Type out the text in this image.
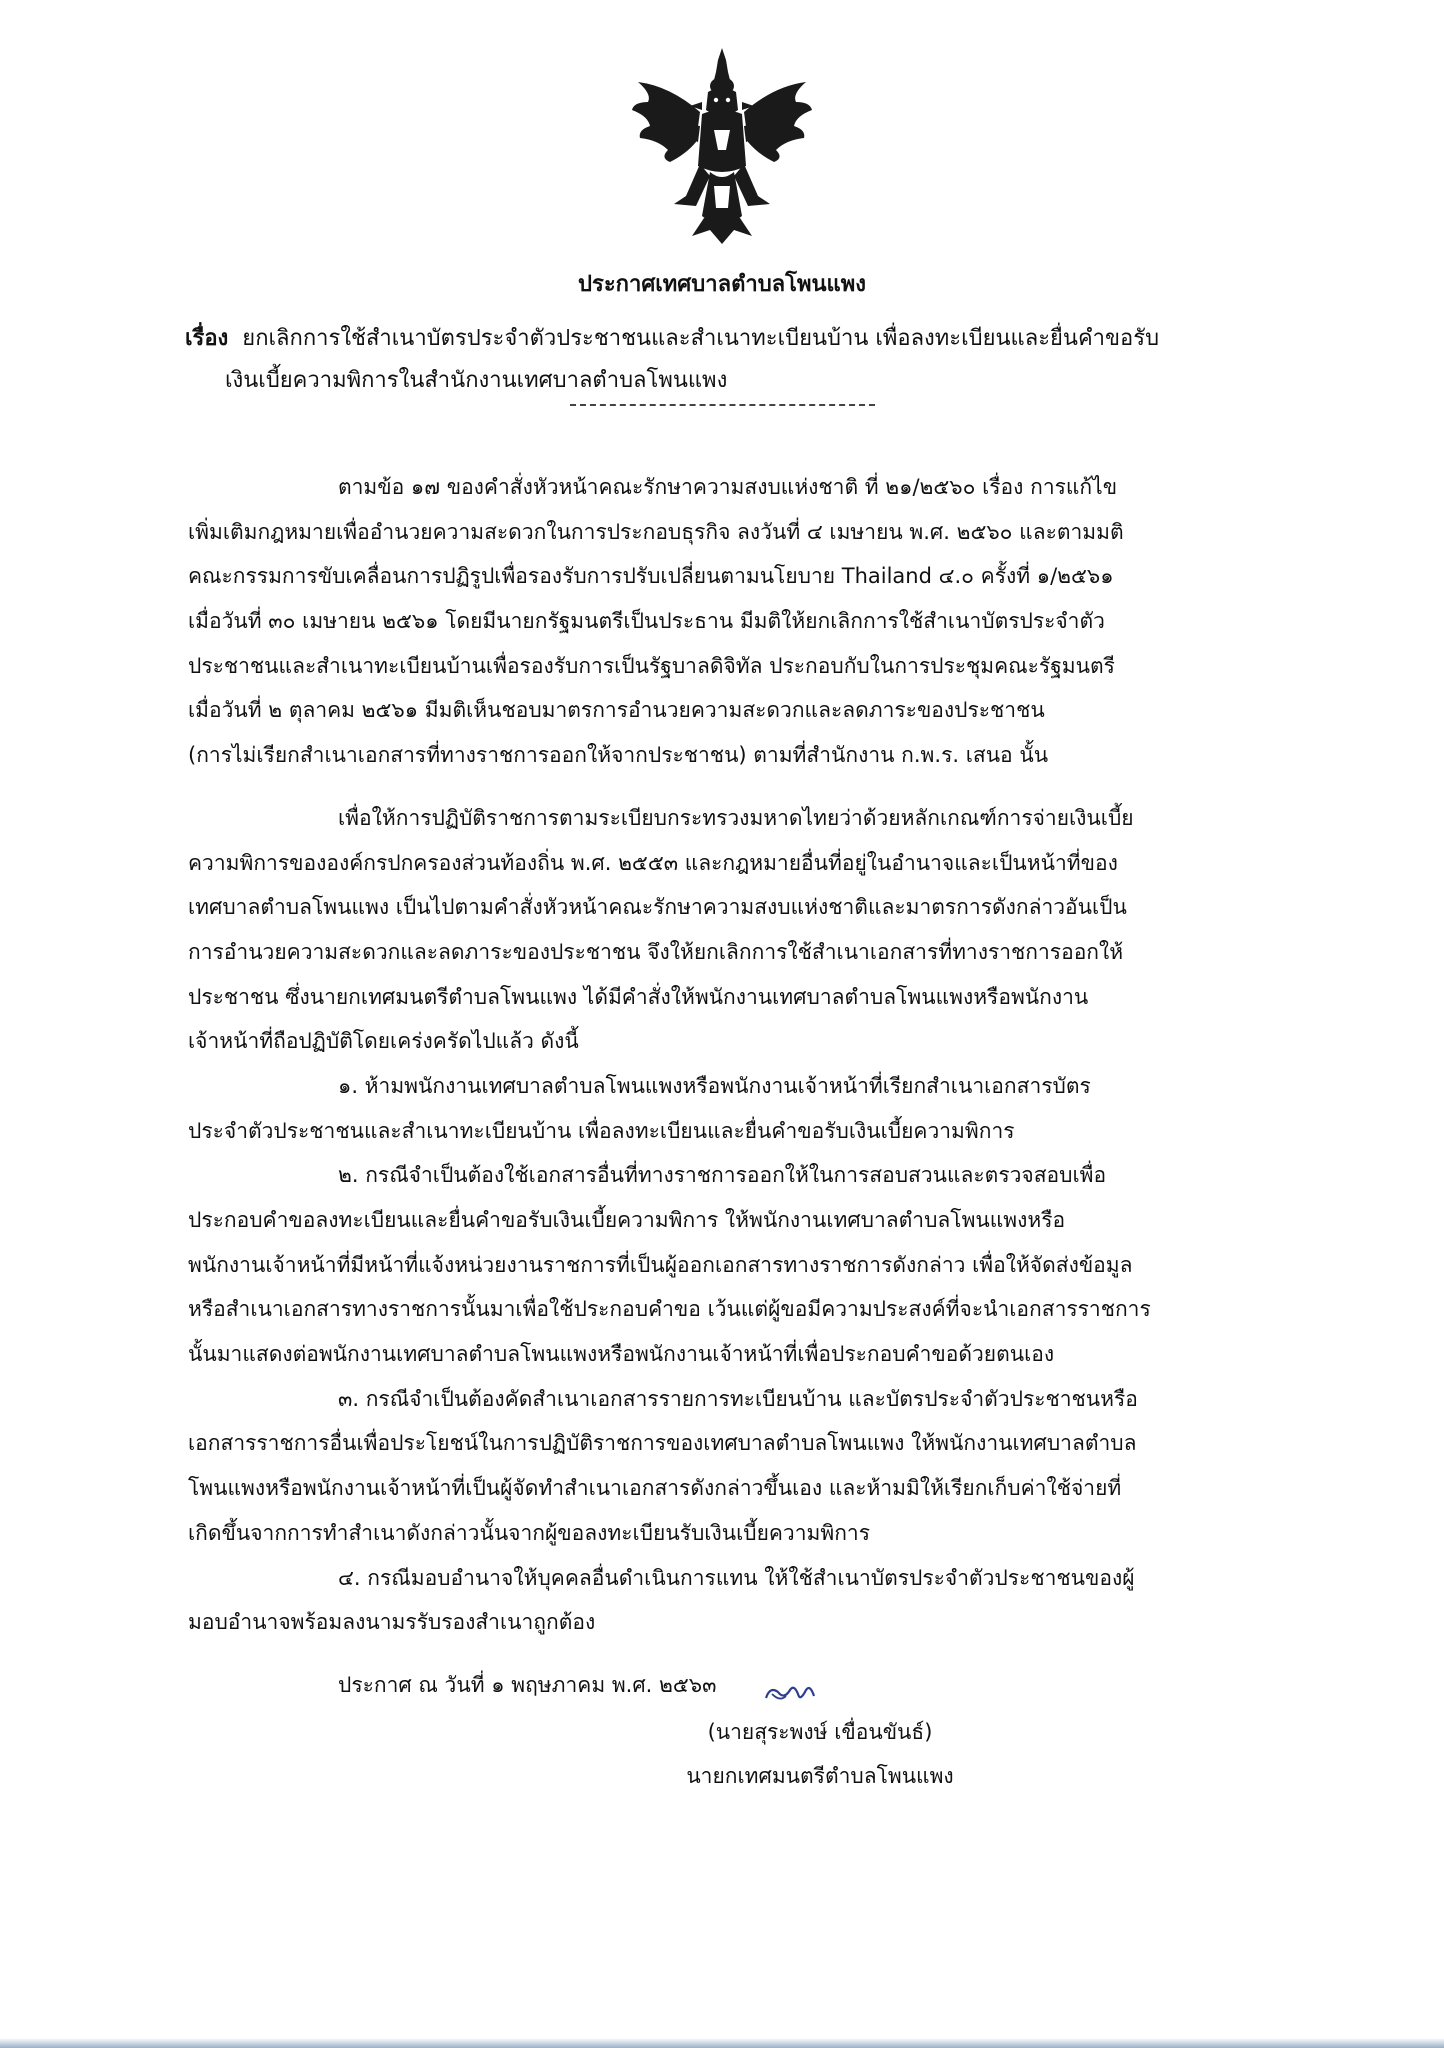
ประกาศเทศบาลตำบลโพนแพง
เรื่อง ยกเลิกการใช้สำเนาบัตรประจำตัวประชาชนและสำเนาทะเบียนบ้าน เพื่อลงทะเบียนและยื่นคำขอรับ
เงินเบี้ยความพิการในสำนักงานเทศบาลตำบลโพนแพง
ตามข้อ ๑๗ ของคำสั่งหัวหน้าคณะรักษาความสงบแห่งชาติ ที่ ๒๑/๒๕๖๐ เรื่อง การแก้ไข
เพิ่มเติมกฎหมายเพื่ออำนวยความสะดวกในการประกอบธุรกิจ ลงวันที่ ๔ เมษายน พ.ศ. ๒๕๖๐ และตามมติ
คณะกรรมการขับเคลื่อนการปฏิรูปเพื่อรองรับการปรับเปลี่ยนตามนโยบาย Thailand ๔.๐ ครั้งที่ ๑/๒๕๖๑
เมื่อวันที่ ๓๐ เมษายน ๒๕๖๑ โดยมีนายกรัฐมนตรีเป็นประธาน มีมติให้ยกเลิกการใช้สำเนาบัตรประจำตัว
ประชาชนและสำเนาทะเบียนบ้านเพื่อรองรับการเป็นรัฐบาลดิจิทัล ประกอบกับในการประชุมคณะรัฐมนตรี
เมื่อวันที่ ๒ ตุลาคม ๒๕๖๑ มีมติเห็นชอบมาตรการอำนวยความสะดวกและลดภาระของประชาชน
(การไม่เรียกสำเนาเอกสารที่ทางราชการออกให้จากประชาชน) ตามที่สำนักงาน ก.พ.ร. เสนอ นั้น
เพื่อให้การปฏิบัติราชการตามระเบียบกระทรวงมหาดไทยว่าด้วยหลักเกณฑ์การจ่ายเงินเบี้ย
ความพิการขององค์กรปกครองส่วนท้องถิ่น พ.ศ. ๒๕๕๓ และกฎหมายอื่นที่อยู่ในอำนาจและเป็นหน้าที่ของ
เทศบาลตำบลโพนแพง เป็นไปตามคำสั่งหัวหน้าคณะรักษาความสงบแห่งชาติและมาตรการดังกล่าวอันเป็น
การอำนวยความสะดวกและลดภาระของประชาชน จึงให้ยกเลิกการใช้สำเนาเอกสารที่ทางราชการออกให้
ประชาชน ซึ่งนายกเทศมนตรีตำบลโพนแพง ได้มีคำสั่งให้พนักงานเทศบาลตำบลโพนแพงหรือพนักงาน
เจ้าหน้าที่ถือปฏิบัติโดยเคร่งครัดไปแล้ว ดังนี้
๑. ห้ามพนักงานเทศบาลตำบลโพนแพงหรือพนักงานเจ้าหน้าที่เรียกสำเนาเอกสารบัตร
ประจำตัวประชาชนและสำเนาทะเบียนบ้าน เพื่อลงทะเบียนและยื่นคำขอรับเงินเบี้ยความพิการ
๒. กรณีจำเป็นต้องใช้เอกสารอื่นที่ทางราชการออกให้ในการสอบสวนและตรวจสอบเพื่อ
ประกอบคำขอลงทะเบียนและยื่นคำขอรับเงินเบี้ยความพิการ ให้พนักงานเทศบาลตำบลโพนแพงหรือ
พนักงานเจ้าหน้าที่มีหน้าที่แจ้งหน่วยงานราชการที่เป็นผู้ออกเอกสารทางราชการดังกล่าว เพื่อให้จัดส่งข้อมูล
หรือสำเนาเอกสารทางราชการนั้นมาเพื่อใช้ประกอบคำขอ เว้นแต่ผู้ขอมีความประสงค์ที่จะนำเอกสารราชการ
นั้นมาแสดงต่อพนักงานเทศบาลตำบลโพนแพงหรือพนักงานเจ้าหน้าที่เพื่อประกอบคำขอด้วยตนเอง
๓. กรณีจำเป็นต้องคัดสำเนาเอกสารรายการทะเบียนบ้าน และบัตรประจำตัวประชาชนหรือ
เอกสารราชการอื่นเพื่อประโยชน์ในการปฏิบัติราชการของเทศบาลตำบลโพนแพง ให้พนักงานเทศบาลตำบล
โพนแพงหรือพนักงานเจ้าหน้าที่เป็นผู้จัดทำสำเนาเอกสารดังกล่าวขึ้นเอง และห้ามมิให้เรียกเก็บค่าใช้จ่ายที่
เกิดขึ้นจากการทำสำเนาดังกล่าวนั้นจากผู้ขอลงทะเบียนรับเงินเบี้ยความพิการ
๔. กรณีมอบอำนาจให้บุคคลอื่นดำเนินการแทน ให้ใช้สำเนาบัตรประจำตัวประชาชนของผู้
มอบอำนาจพร้อมลงนามรรับรองสำเนาถูกต้อง
ประกาศ ณ วันที่ ๑ พฤษภาคม พ.ศ. ๒๕๖๓
(นายสุระพงษ์ เขื่อนขันธ์)
นายกเทศมนตรีตำบลโพนแพง
